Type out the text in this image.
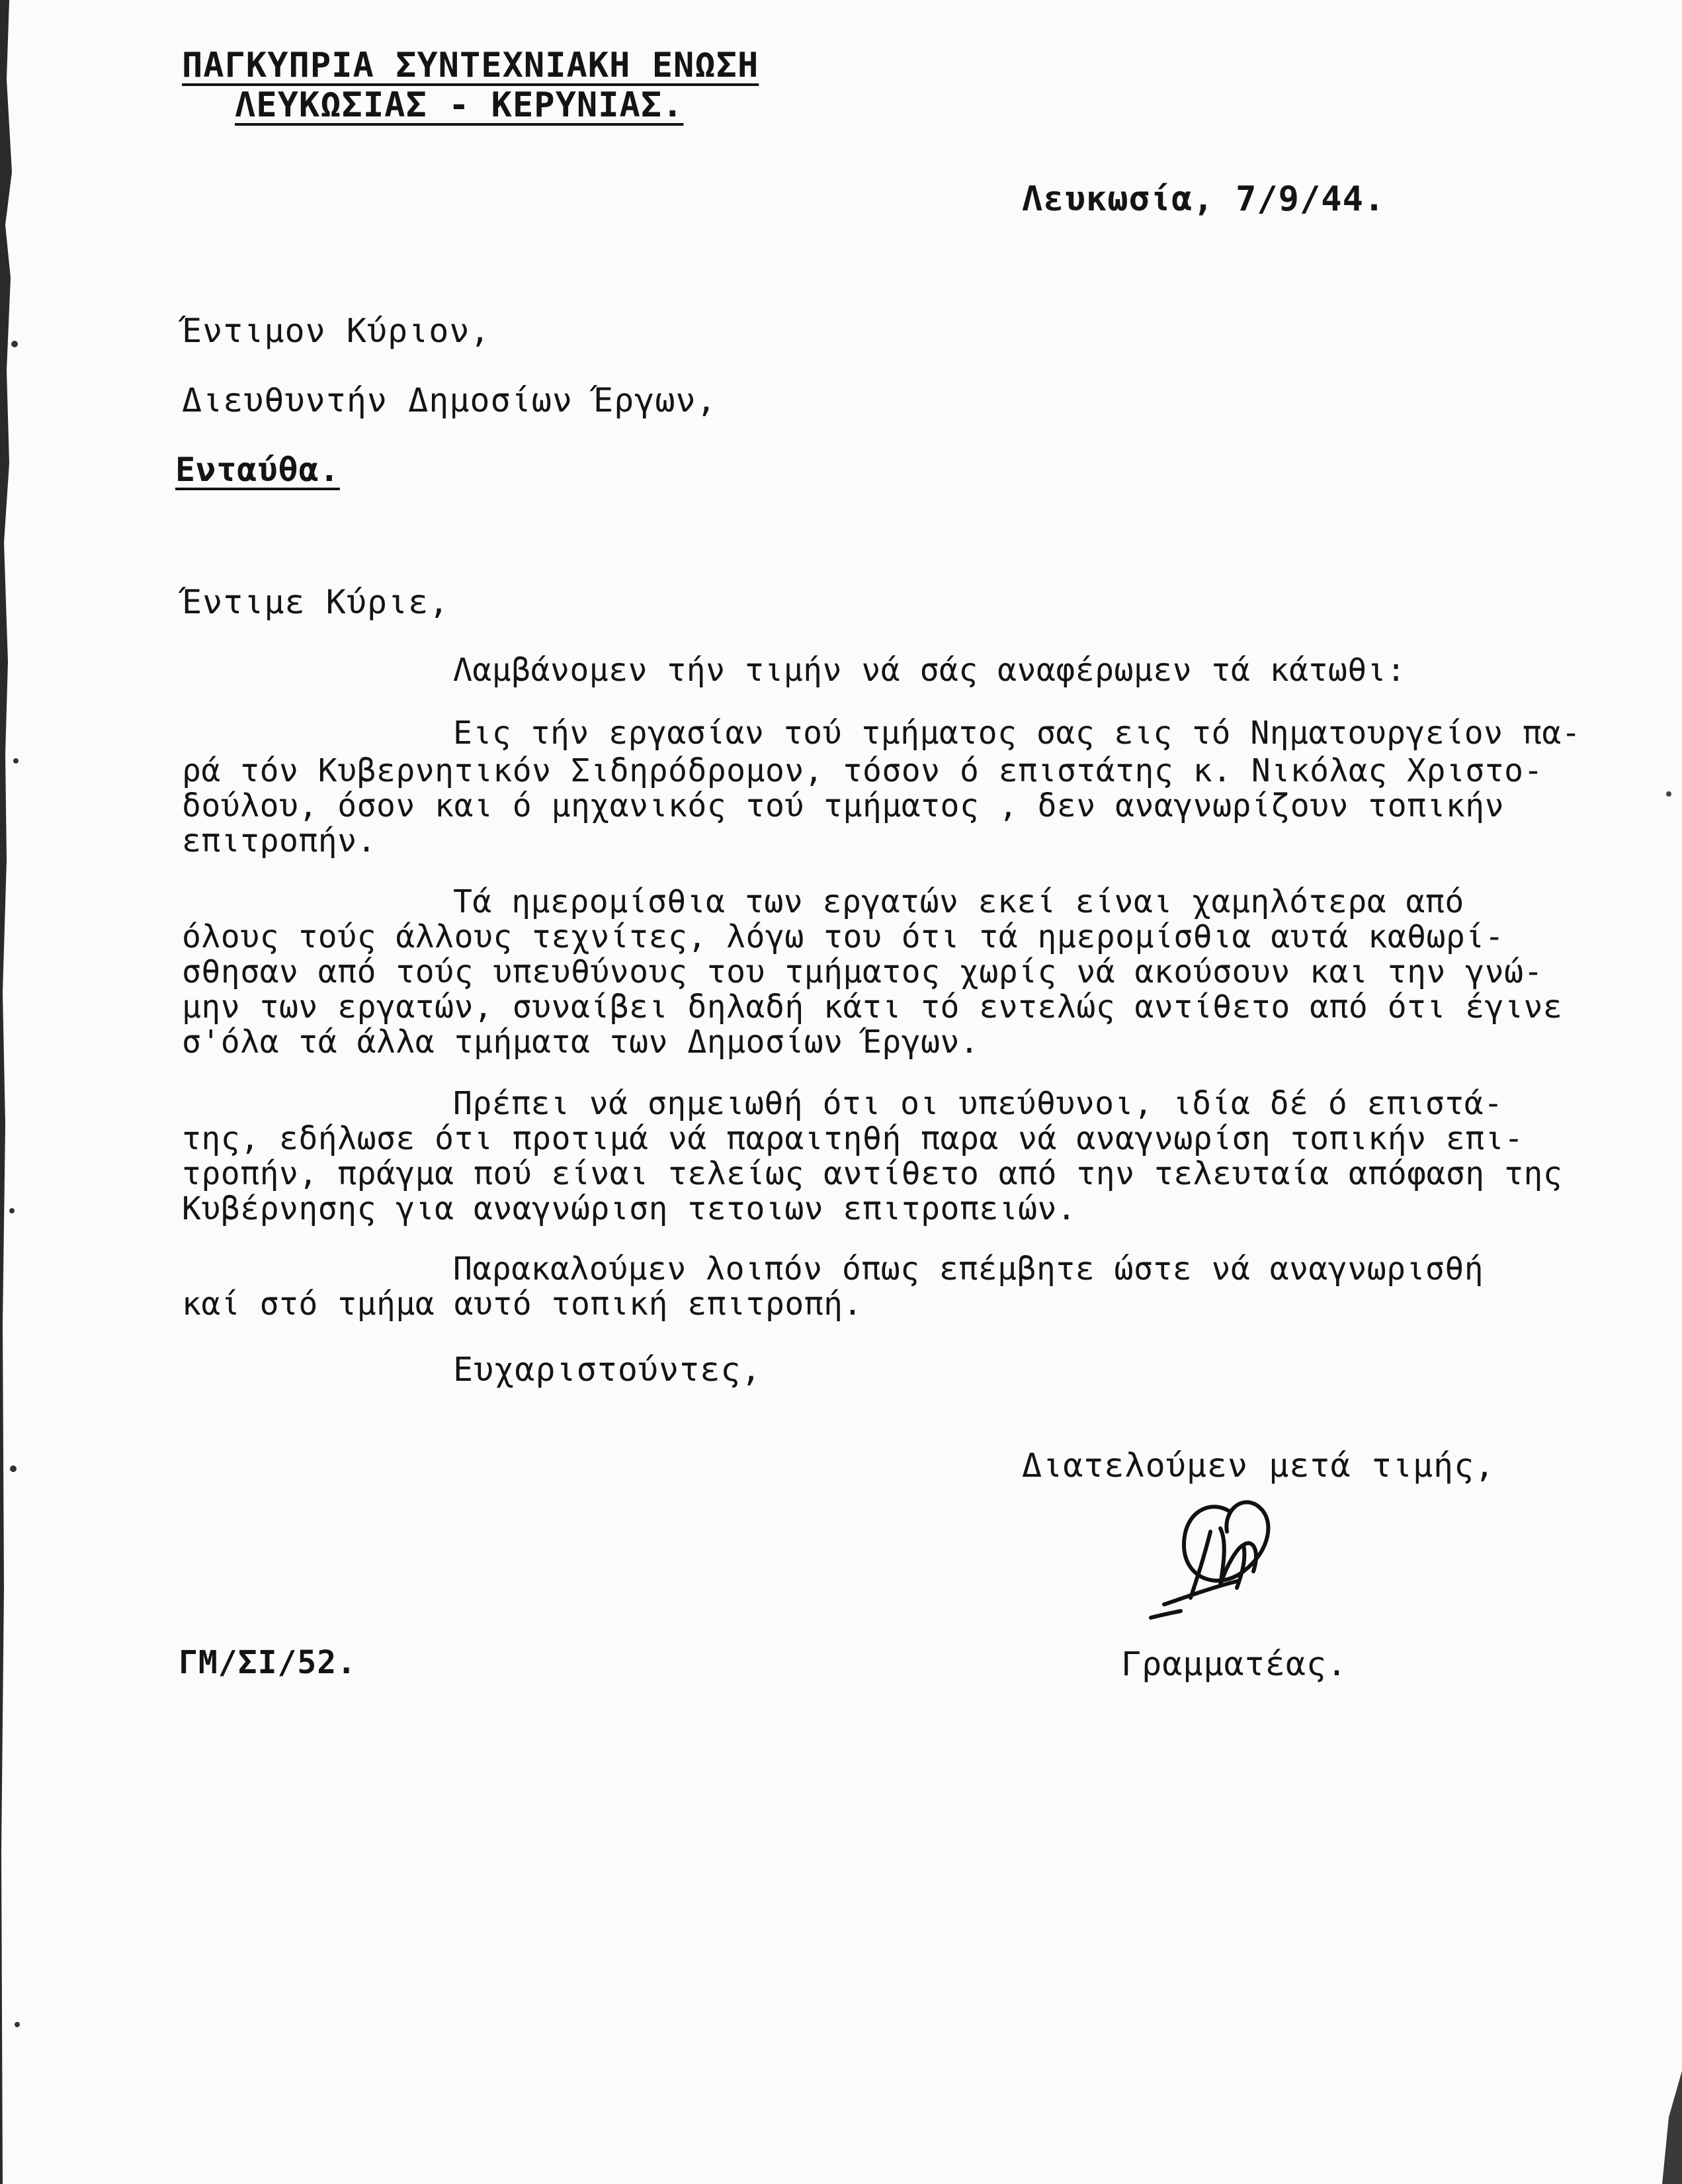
ΠΑΓΚΥΠΡΙΑ ΣΥΝΤΕΧΝΙΑΚΗ ΕΝΩΣΗ
ΛΕΥΚΩΣΙΑΣ - ΚΕΡΥΝΙΑΣ.
Λευκωσία, 7/9/44.
Έντιμον Κύριον,
Διευθυντήν Δημοσίων Έργων,
Ενταύθα.
Έντιμε Κύριε,
Λαμβάνομεν τήν τιμήν νά σάς αναφέρωμεν τά κάτωθι:
Εις τήν εργασίαν τού τμήματος σας εις τό Νηματουργείον πα-
ρά τόν Κυβερνητικόν Σιδηρόδρομον, τόσον ό επιστάτης κ. Νικόλας Χριστο-
δούλου, όσον και ό μηχανικός τού τμήματος , δεν αναγνωρίζουν τοπικήν
επιτροπήν.
Τά ημερομίσθια των εργατών εκεί είναι χαμηλότερα από
όλους τούς άλλους τεχνίτες, λόγω του ότι τά ημερομίσθια αυτά καθωρί-
σθησαν από τούς υπευθύνους του τμήματος χωρίς νά ακούσουν και την γνώ-
μην των εργατών, συναίβει δηλαδή κάτι τό εντελώς αντίθετο από ότι έγινε
σ'όλα τά άλλα τμήματα των Δημοσίων Έργων.
Πρέπει νά σημειωθή ότι οι υπεύθυνοι, ιδία δέ ό επιστά-
της, εδήλωσε ότι προτιμά νά παραιτηθή παρα νά αναγνωρίση τοπικήν επι-
τροπήν, πράγμα πού είναι τελείως αντίθετο από την τελευταία απόφαση της
Κυβέρνησης για αναγνώριση τετοιων επιτροπειών.
Παρακαλούμεν λοιπόν όπως επέμβητε ώστε νά αναγνωρισθή
καί στό τμήμα αυτό τοπική επιτροπή.
Ευχαριστούντες,
Διατελούμεν μετά τιμής,
ΓΜ/ΣΙ/52.	Γραμματέας.
